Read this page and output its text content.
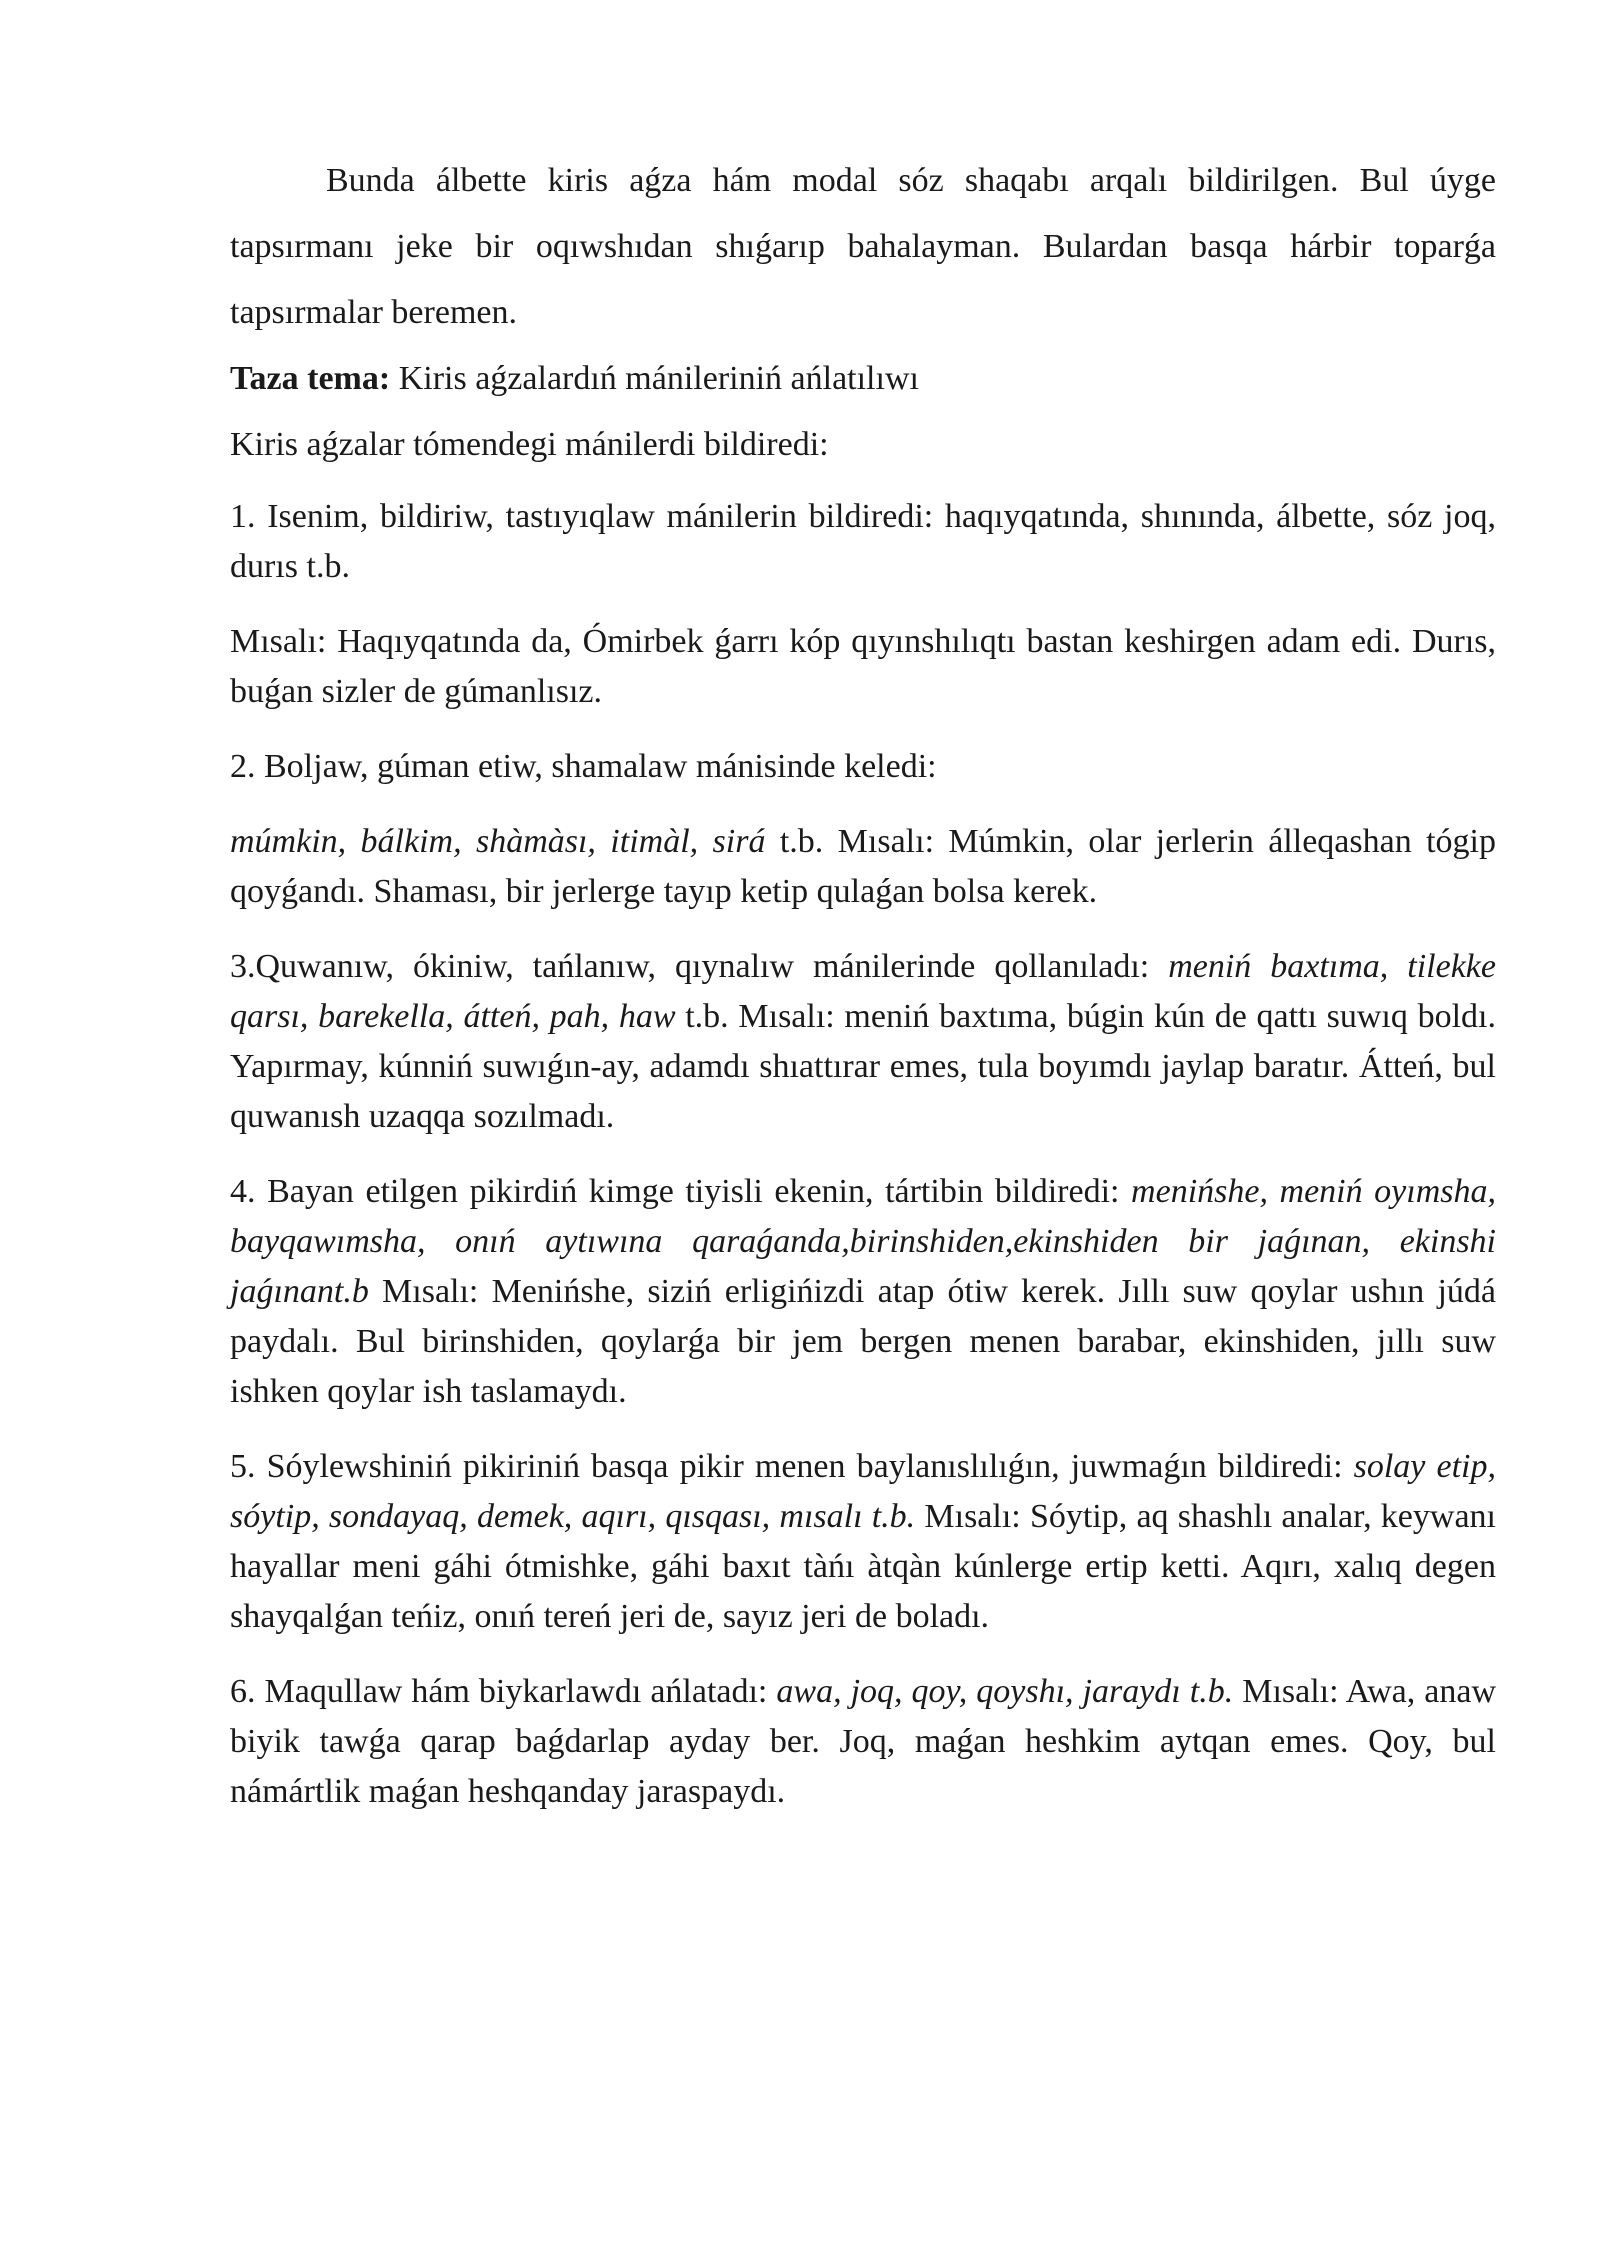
Bunda álbette kiris aǵza hám modal sóz shaqabı arqalı bildirilgen. Bul úyge tapsırmanı jeke bir oqıwshıdan shıǵarıp bahalayman. Bulardan basqa hárbir toparǵa tapsırmalar beremen.

Taza tema: Kiris aǵzalardıń mánileriniń ańlatılıwı

Kiris aǵzalar tómendegi mánilerdi bildiredi:

1. Isenim, bildiriw, tastıyıqlaw mánilerin bildiredi: haqıyqatında, shınında, álbette, sóz joq, durıs t.b.

Mısalı: Haqıyqatında da, Ómirbek ǵarrı kóp qıyınshılıqtı bastan keshirgen adam edi. Durıs, buǵan sizler de gúmanlısız.

2. Boljaw, gúman etiw, shamalaw mánisinde keledi:

múmkin, bálkim, shàmàsı, itimàl, sirá t.b. Mısalı: Múmkin, olar jerlerin álleqashan tógip qoyǵandı. Shaması, bir jerlerge tayıp ketip qulaǵan bolsa kerek.

3.Quwanıw, ókiniw, tańlanıw, qıynalıw mánilerinde qollanıladı: meniń baxtıma, tilekke qarsı, barekella, átteń, pah, haw t.b. Mısalı: meniń baxtıma, búgin kún de qattı suwıq boldı. Yapırmay, kúnniń suwıǵın-ay, adamdı shıattırar emes, tula boyımdı jaylap baratır. Átteń, bul quwanısh uzaqqa sozılmadı.

4. Bayan etilgen pikirdiń kimge tiyisli ekenin, tártibin bildiredi: menińshe, meniń oyımsha, bayqawımsha, onıń aytıwına qaraǵanda,birinshiden,ekinshiden bir jaǵınan, ekinshi jaǵınant.b Mısalı: Menińshe, siziń erligińizdi atap ótiw kerek. Jıllı suw qoylar ushın júdá paydalı. Bul birinshiden, qoylarǵa bir jem bergen menen barabar, ekinshiden, jıllı suw ishken qoylar ish taslamaydı.

5. Sóylewshiniń pikiriniń basqa pikir menen baylanıslılıǵın, juwmaǵın bildiredi: solay etip, sóytip, sondayaq, demek, aqırı, qısqası, mısalı t.b. Mısalı: Sóytip, aq shashlı analar, keywanı hayallar meni gáhi ótmishke, gáhi baxıt tàńı àtqàn kúnlerge ertip ketti. Aqırı, xalıq degen shayqalǵan teńiz, onıń tereń jeri de, sayız jeri de boladı.

6. Maqullaw hám biykarlawdı ańlatadı: awa, joq, qoy, qoyshı, jaraydı t.b. Mısalı: Awa, anaw biyik tawǵa qarap baǵdarlap ayday ber. Joq, maǵan heshkim aytqan emes. Qoy, bul námártlik maǵan heshqanday jaraspaydı.
